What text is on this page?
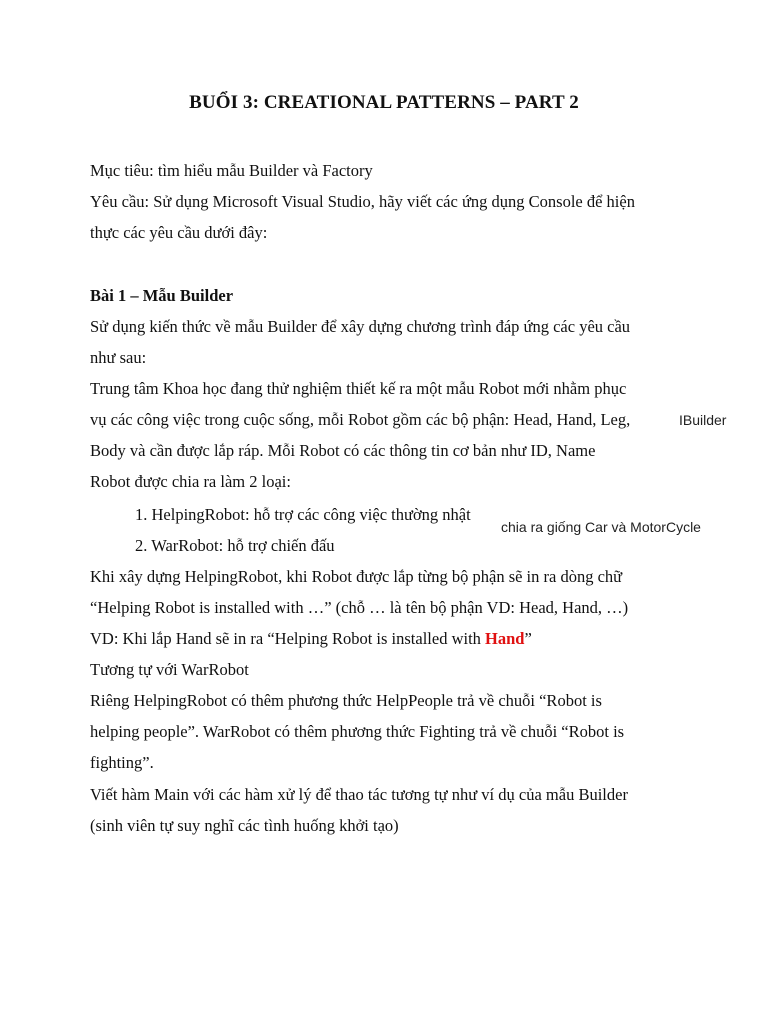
BUỔI 3: CREATIONAL PATTERNS – PART 2
Mục tiêu: tìm hiểu mẫu Builder và Factory
Yêu cầu: Sử dụng Microsoft Visual Studio, hãy viết các ứng dụng Console để hiện
thực các yêu cầu dưới đây:
Bài 1 – Mẫu Builder
Sử dụng kiến thức về mẫu Builder để xây dựng chương trình đáp ứng các yêu cầu
như sau:
Trung tâm Khoa học đang thử nghiệm thiết kế ra một mẫu Robot mới nhằm phục
vụ các công việc trong cuộc sống, mỗi Robot gồm các bộ phận: Head, Hand, Leg,
Body và cần được lắp ráp. Mỗi Robot có các thông tin cơ bản như ID, Name
Robot được chia ra làm 2 loại:
1. HelpingRobot: hỗ trợ các công việc thường nhật
2. WarRobot: hỗ trợ chiến đấu
Khi xây dựng HelpingRobot, khi Robot được lắp từng bộ phận sẽ in ra dòng chữ
“Helping Robot is installed with …” (chỗ … là tên bộ phận VD: Head, Hand, …)
VD: Khi lắp Hand sẽ in ra “Helping Robot is installed with Hand”
Tương tự với WarRobot
Riêng HelpingRobot có thêm phương thức HelpPeople trả về chuỗi “Robot is
helping people”. WarRobot có thêm phương thức Fighting trả về chuỗi “Robot is
fighting”.
Viết hàm Main với các hàm xử lý để thao tác tương tự như ví dụ của mẫu Builder
(sinh viên tự suy nghĩ các tình huống khởi tạo)
IBuilder
chia ra giống Car và MotorCycle
